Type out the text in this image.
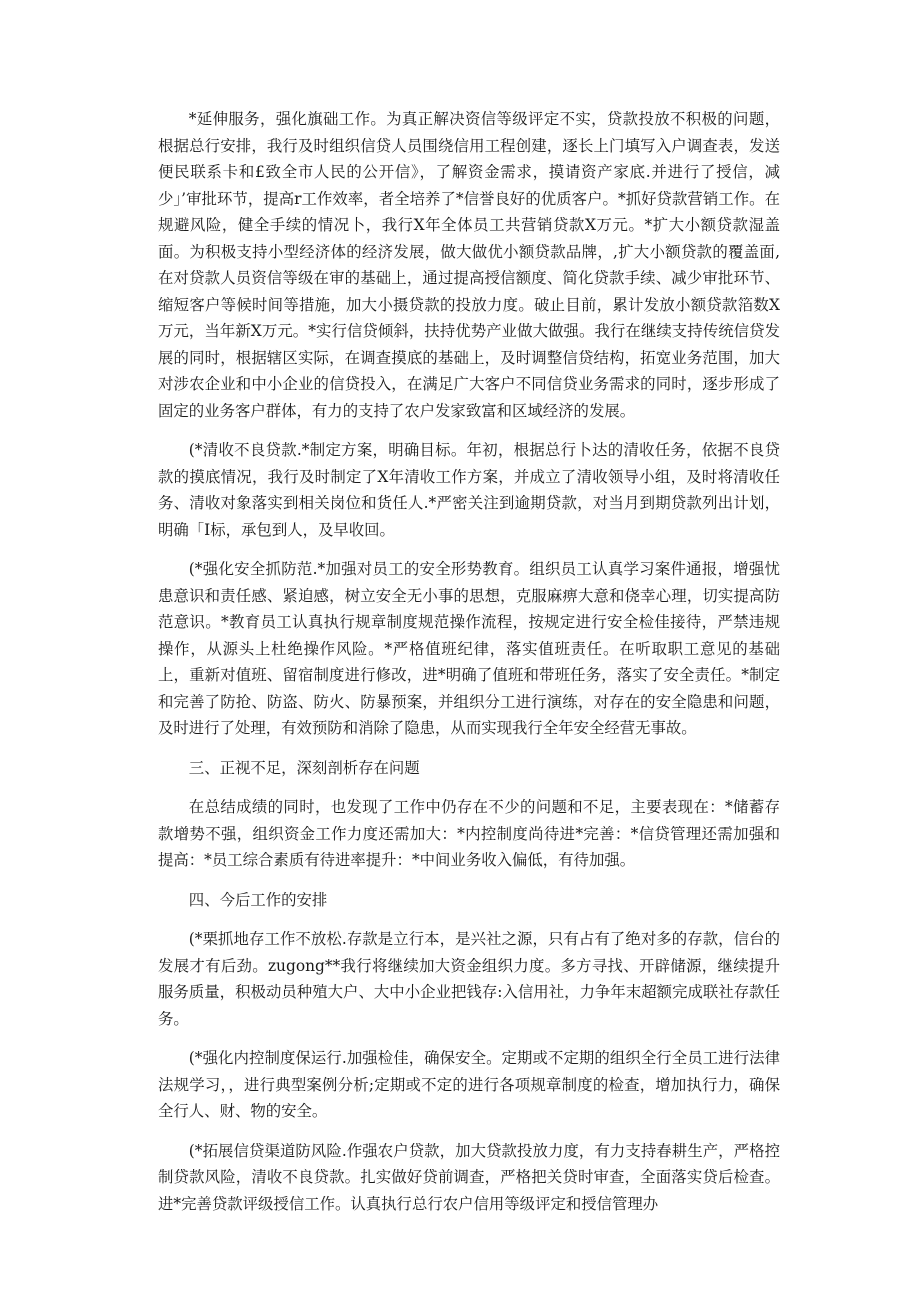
*延伸服务，强化旗础工作。为真正解决资信等级评定不实，贷款投放不积极的问题，根据总行安排，我行及时组织信贷人员围绕信用工程创建，逐长上门填写入户调查表，发送便民联系卡和£致全市人民的公开信》，了解资金需求，摸请资产家底.并进行了授信，减少」’审批环节，提高r工作效率，者全培养了*信誉良好的优质客户。*抓好贷款营销工作。在规避风险，健全手续的情况卜，我行X年全体员工共营销贷款X万元。*扩大小额贷款湿盖面。为积极支持小型经济体的经济发展，做大做优小额贷款品牌，,扩大小额贷款的覆盖面,在对贷款人员资信等级在审的基础上，通过提高授信额度、简化贷款手续、减少审批环节、缩短客户等候时间等措施，加大小摄贷款的投放力度。破止目前，累计发放小额贷款箔数X万元，当年新X万元。*实行信贷倾斜，扶持优势产业做大做强。我行在继续支持传统信贷发展的同时，根据辖区实际，在调查摸底的基础上，及时调整信贷结构，拓宽业务范围，加大对涉农企业和中小企业的信贷投入，在满足广大客户不同信贷业务需求的同时，逐步形成了固定的业务客户群体，有力的支持了农户发家致富和区域经济的发展。

(*清收不良贷款.*制定方案，明确目标。年初，根据总行卜达的清收任务，依据不良贷款的摸底情况，我行及时制定了X年清收工作方案，并成立了清收领导小组，及时将清收任务、清收对象落实到相关岗位和货任人.*严密关注到逾期贷款，对当月到期贷款列出计划，明确「I标，承包到人，及早收回。

(*强化安全抓防范.*加强对员工的安全形势教育。组织员工认真学习案件通报，增强忧患意识和责任感、紧迫感，树立安全无小事的思想，克服麻痹大意和侥幸心理，切实提高防范意识。*教育员工认真执行规章制度规范操作流程，按规定进行安全检佳接待，严禁违规操作，从源头上杜绝操作风险。*严格值班纪律，落实值班责任。在听取职工意见的基础上，重新对值班、留宿制度进行修改，进*明确了值班和带班任务，落实了安全责任。*制定和完善了防抢、防盗、防火、防暴预案，并组织分工进行演练，对存在的安全隐患和问题，及时进行了处理，有效预防和消除了隐患，从而实现我行全年安全经营无事故。

三、正视不足，深刻剖析存在问题

在总结成绩的同时，也发现了工作中仍存在不少的问题和不足，主要表现在：*储蓄存款增势不强，组织资金工作力度还需加大：*内控制度尚待进*完善：*信贷管理还需加强和提高：*员工综合素质有待进率提升：*中间业务收入偏低，有待加强。

四、今后工作的安排

(*栗抓地存工作不放松.存款是立行本，是兴社之源，只有占有了绝对多的存款，信台的发展才有后劲。zugong**我行将继续加大资金组织力度。多方寻找、开辟储源，继续提升服务质量，积极动员种殖大户、大中小企业把钱存:入信用社，力争年末超额完成联社存款任务。

(*强化内控制度保运行.加强检佳，确保安全。定期或不定期的组织全行全员工进行法律法规学习，，进行典型案例分析;定期或不定的进行各项规章制度的检查，增加执行力，确保全行人、财、物的安全。

(*拓展信贷渠道防风险.作强农户贷款，加大贷款投放力度，有力支持春耕生产，严格控制贷款风险，清收不良贷款。扎实做好贷前调查，严格把关贷时审查，全面落实贷后检查。进*完善贷款评级授信工作。认真执行总行农户信用等级评定和授信管理办
